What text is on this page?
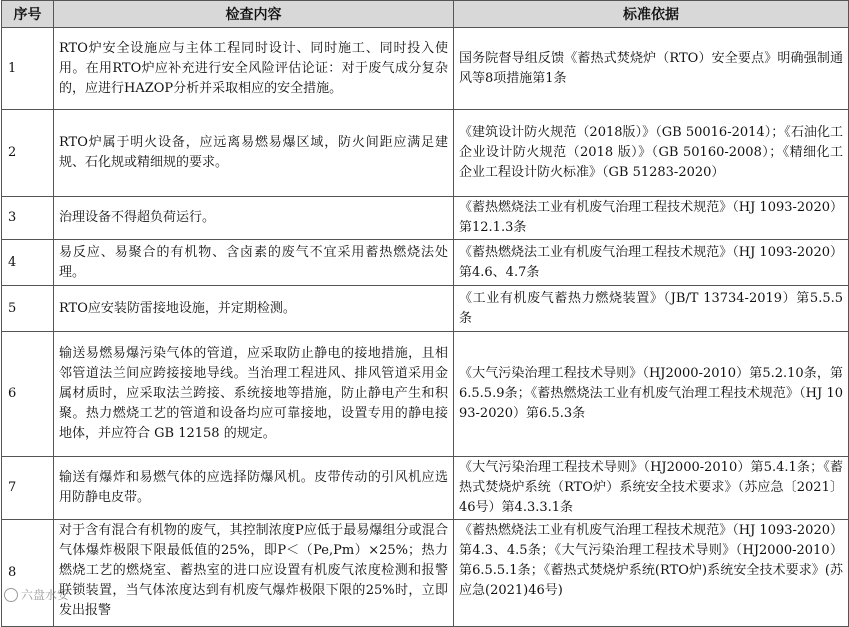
序号	检查内容	标准依据
1	RTO炉安全设施应与主体工程同时设计、同时施工、同时投入使用。在用RTO炉应补充进行安全风险评估论证：对于废气成分复杂的，应进行HAZOP分析并采取相应的安全措施。	国务院督导组反馈《蓄热式焚烧炉（RTO）安全要点》明确强制通风等8项措施第1条
2	RTO炉属于明火设备，应远离易燃易爆区域，防火间距应满足建规、石化规或精细规的要求。	《建筑设计防火规范（2018版）》（GB 50016-2014）；《石油化工企业设计防火规范（2018 版）》（GB 50160-2008）；《精细化工企业工程设计防火标准》（GB 51283-2020）
3	治理设备不得超负荷运行。	《蓄热燃烧法工业有机废气治理工程技术规范》（HJ 1093-2020）第12.1.3条
4	易反应、易聚合的有机物、含卤素的废气不宜采用蓄热燃烧法处理。	《蓄热燃烧法工业有机废气治理工程技术规范》（HJ 1093-2020）第4.6、4.7条
5	RTO应安装防雷接地设施，并定期检测。	《工业有机废气蓄热力燃烧装置》（JB/T 13734-2019）第5.5.5条
6	输送易燃易爆污染气体的管道，应采取防止静电的接地措施，且相邻管道法兰间应跨接接地导线。当治理工程进风、排风管道采用金属材质时，应采取法兰跨接、系统接地等措施，防止静电产生和积聚。热力燃烧工艺的管道和设备均应可靠接地，设置专用的静电接地体，并应符合 GB 12158 的规定。	《大气污染治理工程技术导则》（HJ2000-2010）第5.2.10条，第6.5.5.9条；《蓄热燃烧法工业有机废气治理工程技术规范》（HJ 1093-2020）第6.5.3条
7	输送有爆炸和易燃气体的应选择防爆风机。皮带传动的引风机应选用防静电皮带。	《大气污染治理工程技术导则》（HJ2000-2010）第5.4.1条；《蓄热式焚烧炉系统（RTO炉）系统安全技术要求》（苏应急〔2021〕46号）第4.3.3.1条
8	对于含有混合有机物的废气，其控制浓度P应低于最易爆组分或混合气体爆炸极限下限最低值的25%，即P＜（Pe,Pm）×25%；热力燃烧工艺的燃烧室、蓄热室的进口应设置有机废气浓度检测和报警联锁装置，当气体浓度达到有机废气爆炸极限下限的25%时，立即发出报警	《蓄热燃烧法工业有机废气治理工程技术规范》（HJ 1093-2020）第4.3、4.5条；《大气污染治理工程技术导则》（HJ2000-2010）第6.5.5.1条；《蓄热式焚烧炉系统(RTO炉)系统安全技术要求》(苏应急(2021)46号)
六盘水安
